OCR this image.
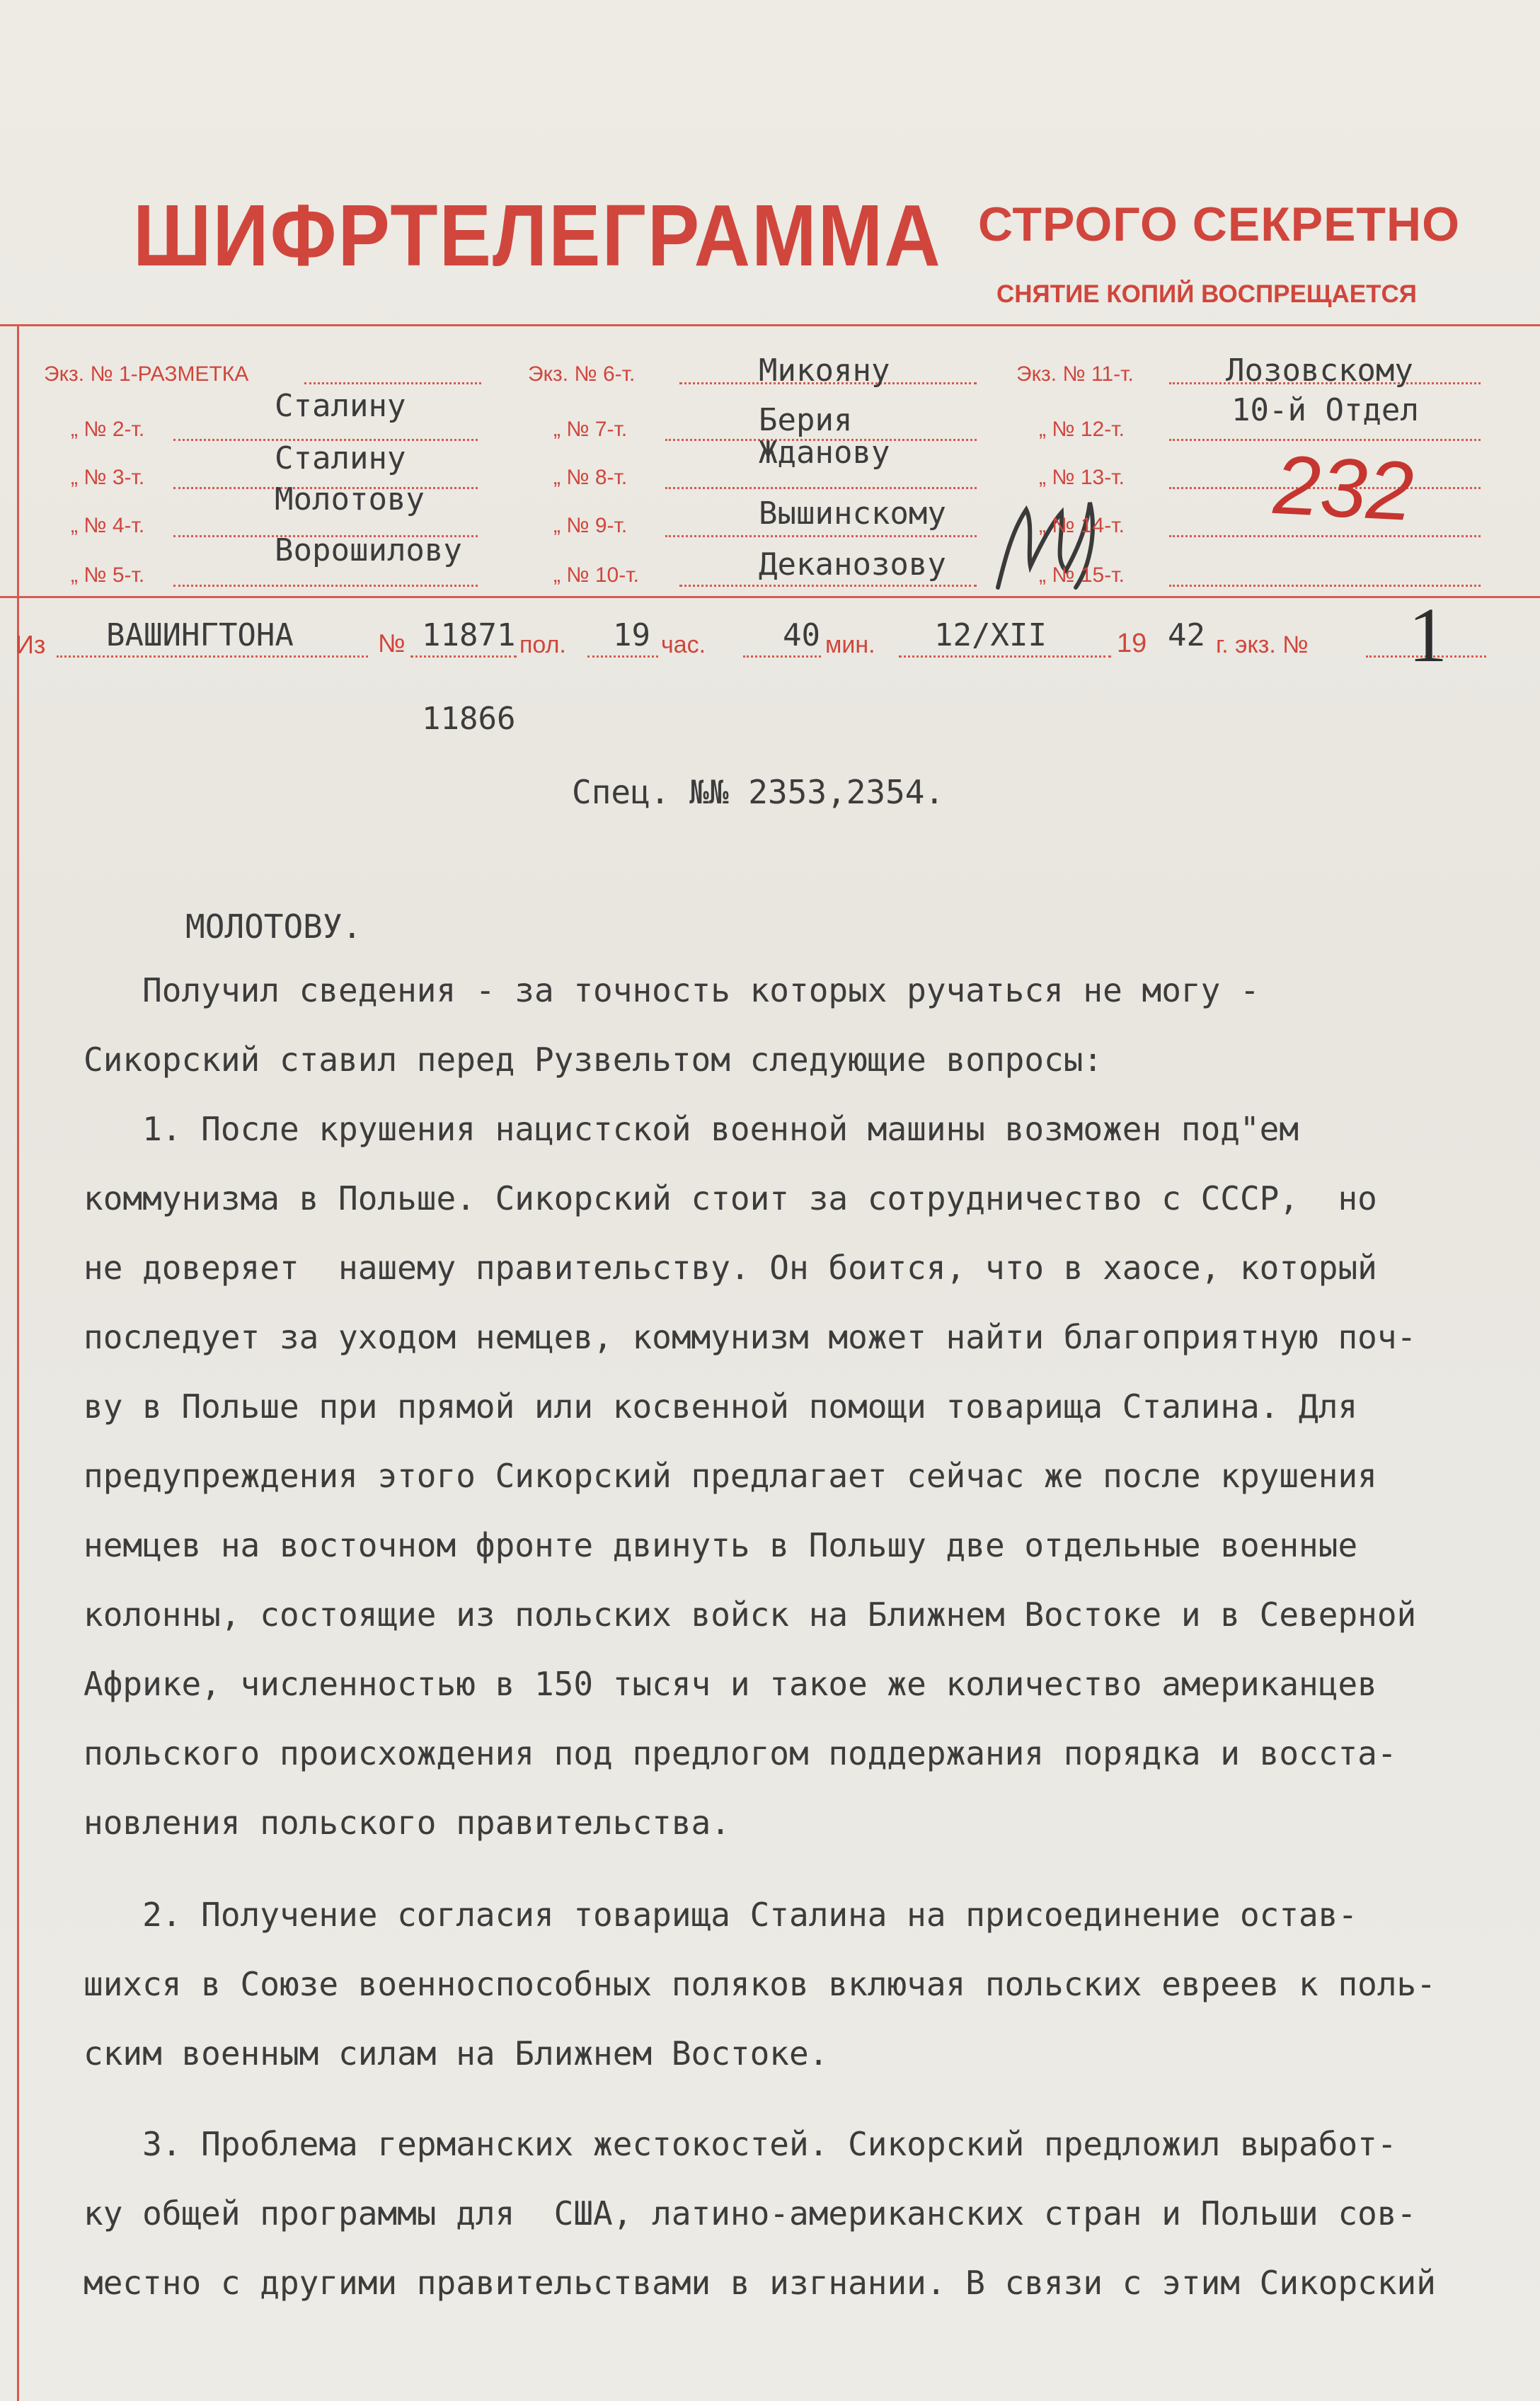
ШИФРТЕЛЕГРАММА СТРОГО СЕКРЕТНО
СНЯТИЕ КОПИЙ ВОСПРЕЩАЕТСЯ
Экз. № 1-РАЗМЕТКА
„ № 2-т.
„ № 3-т.
„ № 4-т.
„ № 5-т.
Сталину
Сталину
Молотову
Ворошилову
Экз. № 6-т.
„ № 7-т.
„ № 8-т.
„ № 9-т.
„ № 10-т.
Микояну
Берия
Жданову
Вышинскому
Деканозову
Экз. № 11-т.
„ № 12-т.
„ № 13-т.
„ № 14-т.
„ № 15-т.
Лозовскому
10-й Отдел
232
Из ВАШИНГТОНА	№ 11871 пол. 19 час. 40 мин. 12/XII	19 42 г. экз. № 1
11866
Спец. №№ 2353,2354.
МОЛОТОВУ.
Получил сведения - за точность которых ручаться не могу -
Сикорский ставил перед Рузвельтом следующие вопросы:
1. После крушения нацистской военной машины возможен под"ем
коммунизма в Польше. Сикорский стоит за сотрудничество с СССР,  но
не доверяет  нашему правительству. Он боится, что в хаосе, который
последует за уходом немцев, коммунизм может найти благоприятную поч-
ву в Польше при прямой или косвенной помощи товарища Сталина. Для
предупреждения этого Сикорский предлагает сейчас же после крушения
немцев на восточном фронте двинуть в Польшу две отдельные военные
колонны, состоящие из польских войск на Ближнем Востоке и в Северной
Африке, численностью в 150 тысяч и такое же количество американцев
польского происхождения под предлогом поддержания порядка и восста-
новления польского правительства.
2. Получение согласия товарища Сталина на присоединение остав-
шихся в Союзе военноспособных поляков включая польских евреев к поль-
ским военным силам на Ближнем Востоке.
3. Проблема германских жестокостей. Сикорский предложил выработ-
ку общей программы для  США, латино-американских стран и Польши сов-
местно с другими правительствами в изгнании. В связи с этим Сикорский
